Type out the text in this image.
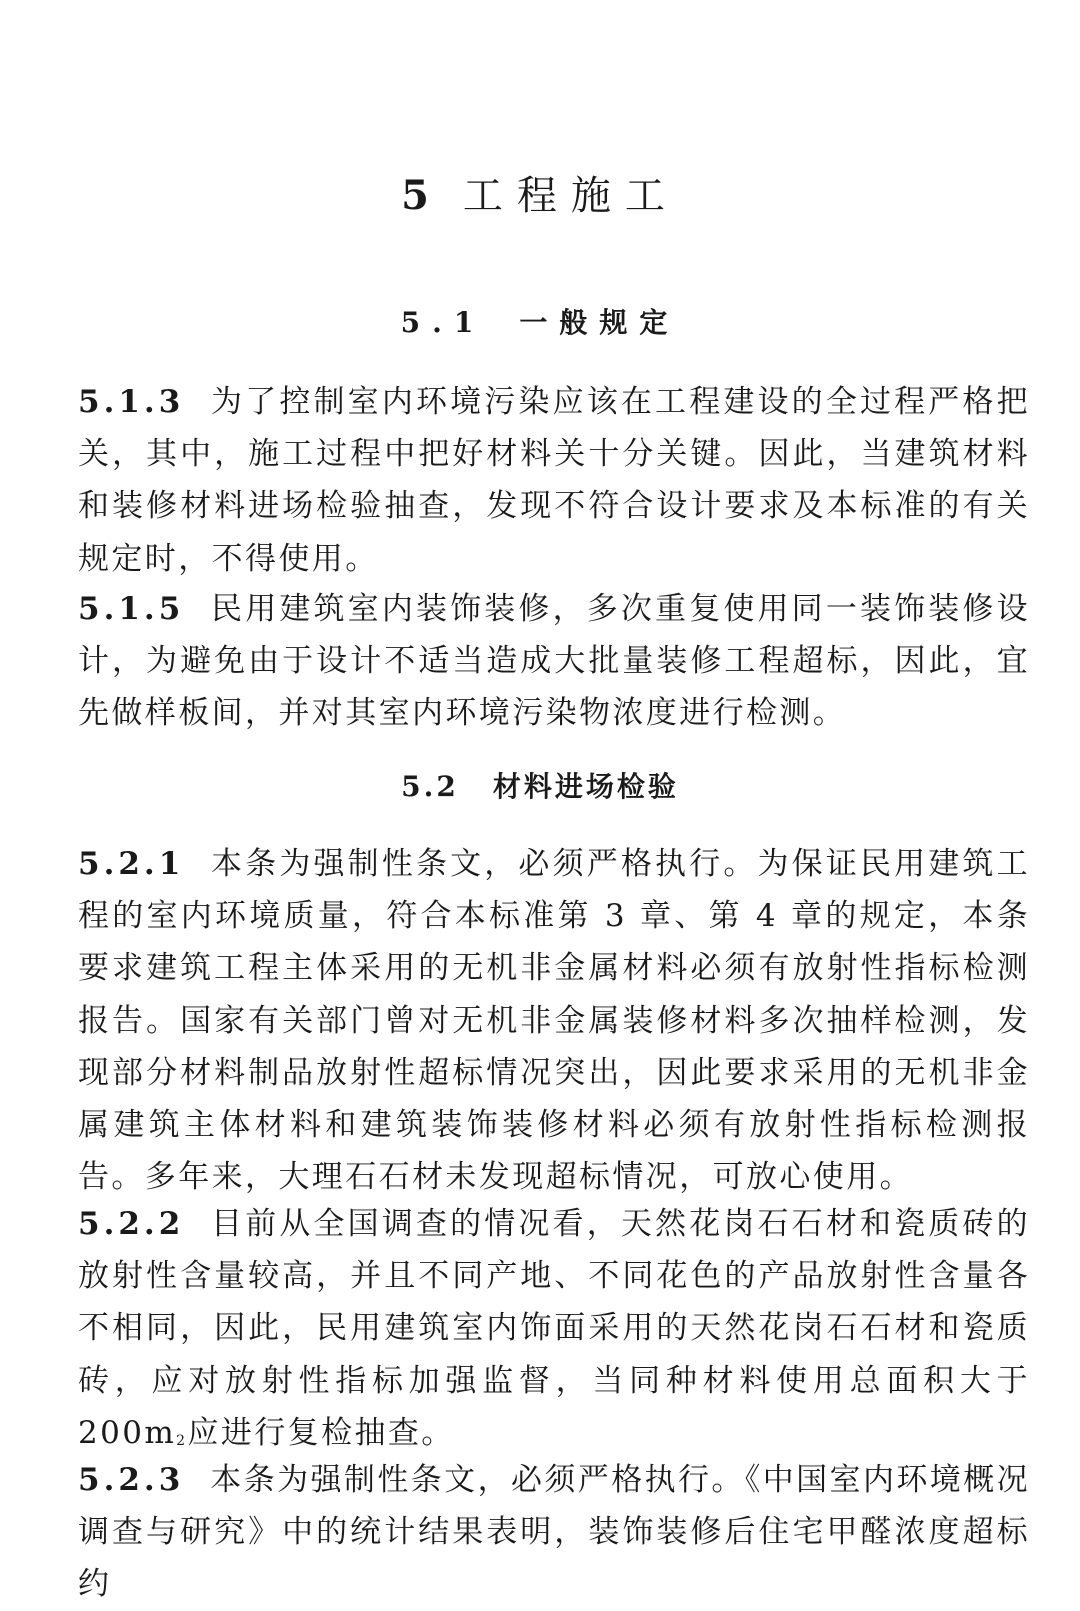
5 工程施工
5.1 一般规定

5.1.3 为了控制室内环境污染应该在工程建设的全过程严格把关，其中，施工过程中把好材料关十分关键。因此，当建筑材料和装修材料进场检验抽查，发现不符合设计要求及本标准的有关规定时，不得使用。

5.1.5 民用建筑室内装饰装修，多次重复使用同一装饰装修设计，为避免由于设计不适当造成大批量装修工程超标，因此，宜先做样板间，并对其室内环境污染物浓度进行检测。

5.2 材料进场检验

5.2.1 本条为强制性条文，必须严格执行。为保证民用建筑工程的室内环境质量，符合本标准第 3 章、第 4 章的规定，本条要求建筑工程主体采用的无机非金属材料必须有放射性指标检测报告。国家有关部门曾对无机非金属装修材料多次抽样检测，发现部分材料制品放射性超标情况突出，因此要求采用的无机非金属建筑主体材料和建筑装饰装修材料必须有放射性指标检测报告。多年来，大理石石材未发现超标情况，可放心使用。

5.2.2 目前从全国调查的情况看，天然花岗石石材和瓷质砖的放射性含量较高，并且不同产地、不同花色的产品放射性含量各不相同，因此，民用建筑室内饰面采用的天然花岗石石材和瓷质砖，应对放射性指标加强监督，当同种材料使用总面积大于 $200m^2$应进行复检抽查。

5.2.3 本条为强制性条文，必须严格执行。《中国室内环境概况调查与研究》中的统计结果表明，装饰装修后住宅甲醛浓度超标约
